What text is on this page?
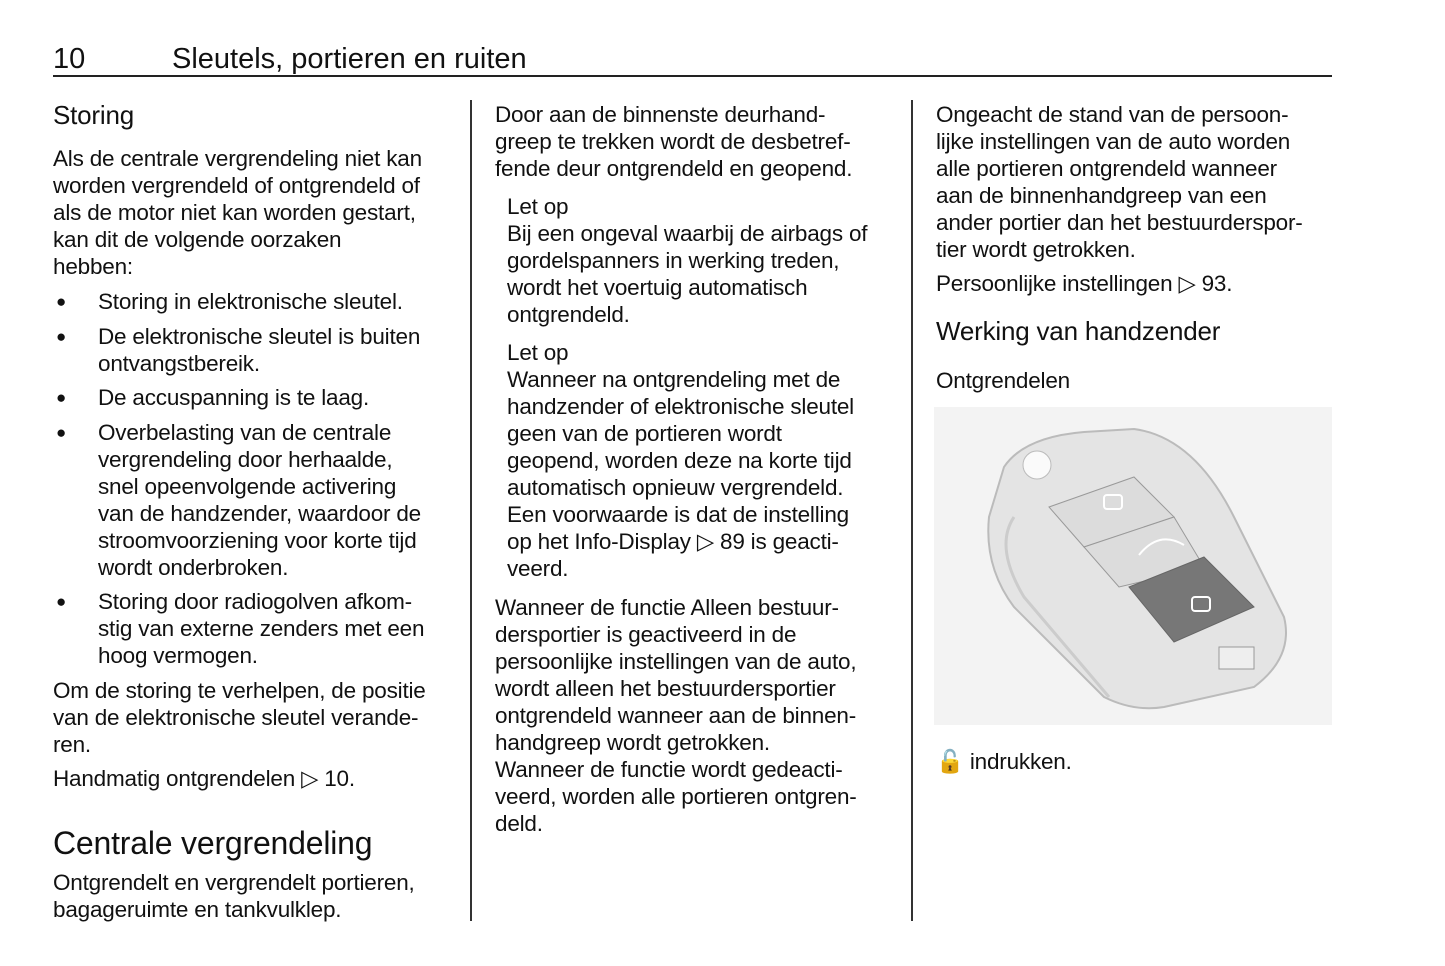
10	Sleutels, portieren en ruiten
Storing
Als de centrale vergrendeling niet kan
worden vergrendeld of ontgrendeld of
als de motor niet kan worden gestart,
kan dit de volgende oorzaken
hebben:
● Storing in elektronische sleutel.
● De elektronische sleutel is buiten
ontvangstbereik.
● De accuspanning is te laag.
● Overbelasting van de centrale
vergrendeling door herhaalde,
snel opeenvolgende activering
van de handzender, waardoor de
stroomvoorziening voor korte tijd
wordt onderbroken.
● Storing door radiogolven afkom-
stig van externe zenders met een
hoog vermogen.
Om de storing te verhelpen, de positie
van de elektronische sleutel verande-
ren.
Handmatig ontgrendelen ▷ 10.
Centrale vergrendeling
Ontgrendelt en vergrendelt portieren,
bagageruimte en tankvulklep.
Door aan de binnenste deurhand-
greep te trekken wordt de desbetref-
fende deur ontgrendeld en geopend.
Let op
Bij een ongeval waarbij de airbags of
gordelspanners in werking treden,
wordt het voertuig automatisch
ontgrendeld.
Let op
Wanneer na ontgrendeling met de
handzender of elektronische sleutel
geen van de portieren wordt
geopend, worden deze na korte tijd
automatisch opnieuw vergrendeld.
Een voorwaarde is dat de instelling
op het Info-Display ▷ 89 is geacti-
veerd.
Wanneer de functie Alleen bestuur-
dersportier is geactiveerd in de
persoonlijke instellingen van de auto,
wordt alleen het bestuurdersportier
ontgrendeld wanneer aan de binnen-
handgreep wordt getrokken.
Wanneer de functie wordt gedeacti-
veerd, worden alle portieren ontgren-
deld.
Ongeacht de stand van de persoon-
lijke instellingen van de auto worden
alle portieren ontgrendeld wanneer
aan de binnenhandgreep van een
ander portier dan het bestuurderspor-
tier wordt getrokken.
Persoonlijke instellingen ▷ 93.
Werking van handzender
Ontgrendelen
🔓 indrukken.
